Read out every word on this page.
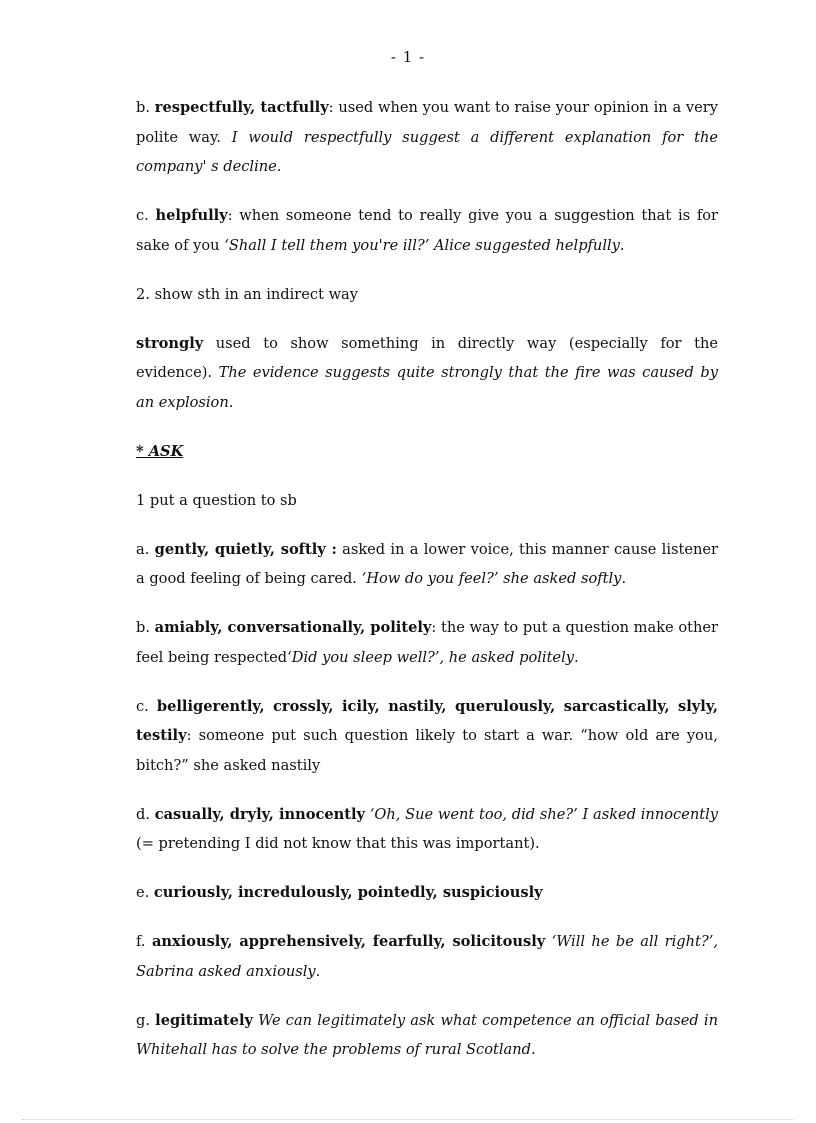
- 1 -

b. respectfully, tactfully: used when you want to raise your opinion in a very polite way. I would respectfully suggest a different explanation for the company' s decline.

c. helpfully: when someone tend to really give you a suggestion that is for sake of you ‘Shall I tell them you're ill?’ Alice suggested helpfully.

2. show sth in an indirect way

strongly used to show something in directly way (especially for the evidence). The evidence suggests quite strongly that the fire was caused by an explosion.

* ASK

1 put a question to sb

a. gently, quietly, softly : asked in a lower voice, this manner cause listener a good feeling of being cared. ‘How do you feel?’ she asked softly.

b. amiably, conversationally, politely: the way to put a question make other feel being respected‘Did you sleep well?’, he asked politely.

c. belligerently, crossly, icily, nastily, querulously, sarcastically, slyly, testily: someone put such question likely to start a war. “how old are you, bitch?” she asked nastily

d. casually, dryly, innocently ‘Oh, Sue went too, did she?’ I asked innocently (= pretending I did not know that this was important).

e. curiously, incredulously, pointedly, suspiciously

f. anxiously, apprehensively, fearfully, solicitously ‘Will he be all right?’, Sabrina asked anxiously.

g. legitimately We can legitimately ask what competence an official based in Whitehall has to solve the problems of rural Scotland.
